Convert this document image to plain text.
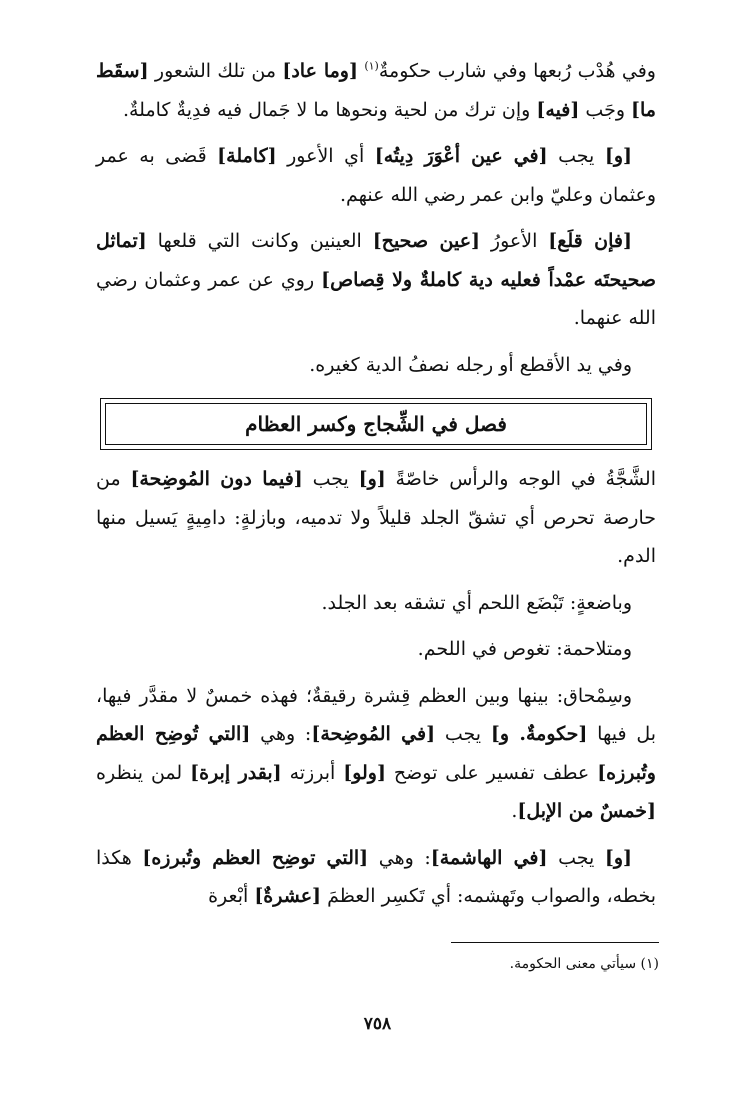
وفي هُدْب رُبعها وفي شارب حكومةٌ$^{(١)}$ [وما عاد] من تلك الشعور [سقَط ما] وجَب [فيه] وإن ترك من لحية ونحوها ما لا جَمال فيه فدِيةٌ كاملةٌ.

[و] يجب [في عين أعْوَرَ دِيتُه] أي الأعور [كاملة] قَضى به عمر وعثمان وعليّ وابن عمر رضي الله عنهم.

[فإن قلَع] الأعورُ [عين صحيح] العينين وكانت التي قلعها [تماثل صحيحتَه عمْداً فعليه دية كاملةٌ ولا قِصاص] روي عن عمر وعثمان رضي الله عنهما.

وفي يد الأقطع أو رجله نصفُ الدية كغيره.

فصل في الشِّجاج وكسر العظام

الشَّجَّةُ في الوجه والرأس خاصّةً [و] يجب [فيما دون المُوضِحة] من حارصة تحرص أي تشقّ الجلد قليلاً ولا تدميه، وبازلةٍ: دامِيةٍ يَسيل منها الدم.

وباضعةٍ: تَبْضَع اللحم أي تشقه بعد الجلد.

ومتلاحمة: تغوص في اللحم.

وسِمْحاق: بينها وبين العظم قِشرة رقيقةٌ؛ فهذه خمسٌ لا مقدَّر فيها، بل فيها [حكومةٌ. و] يجب [في المُوضِحة]: وهي [التي تُوضِح العظم وتُبرزه] عطف تفسير على توضح [ولو] أبرزته [بقدر إبرة] لمن ينظره [خمسٌ من الإبل].

[و] يجب [في الهاشمة]: وهي [التي توضِح العظم وتُبرزه] هكذا بخطه، والصواب وتَهشمه: أي تَكسِر العظمَ [عشرةٌ] أبْعرة

(١) سيأتي معنى الحكومة.
٧٥٨
